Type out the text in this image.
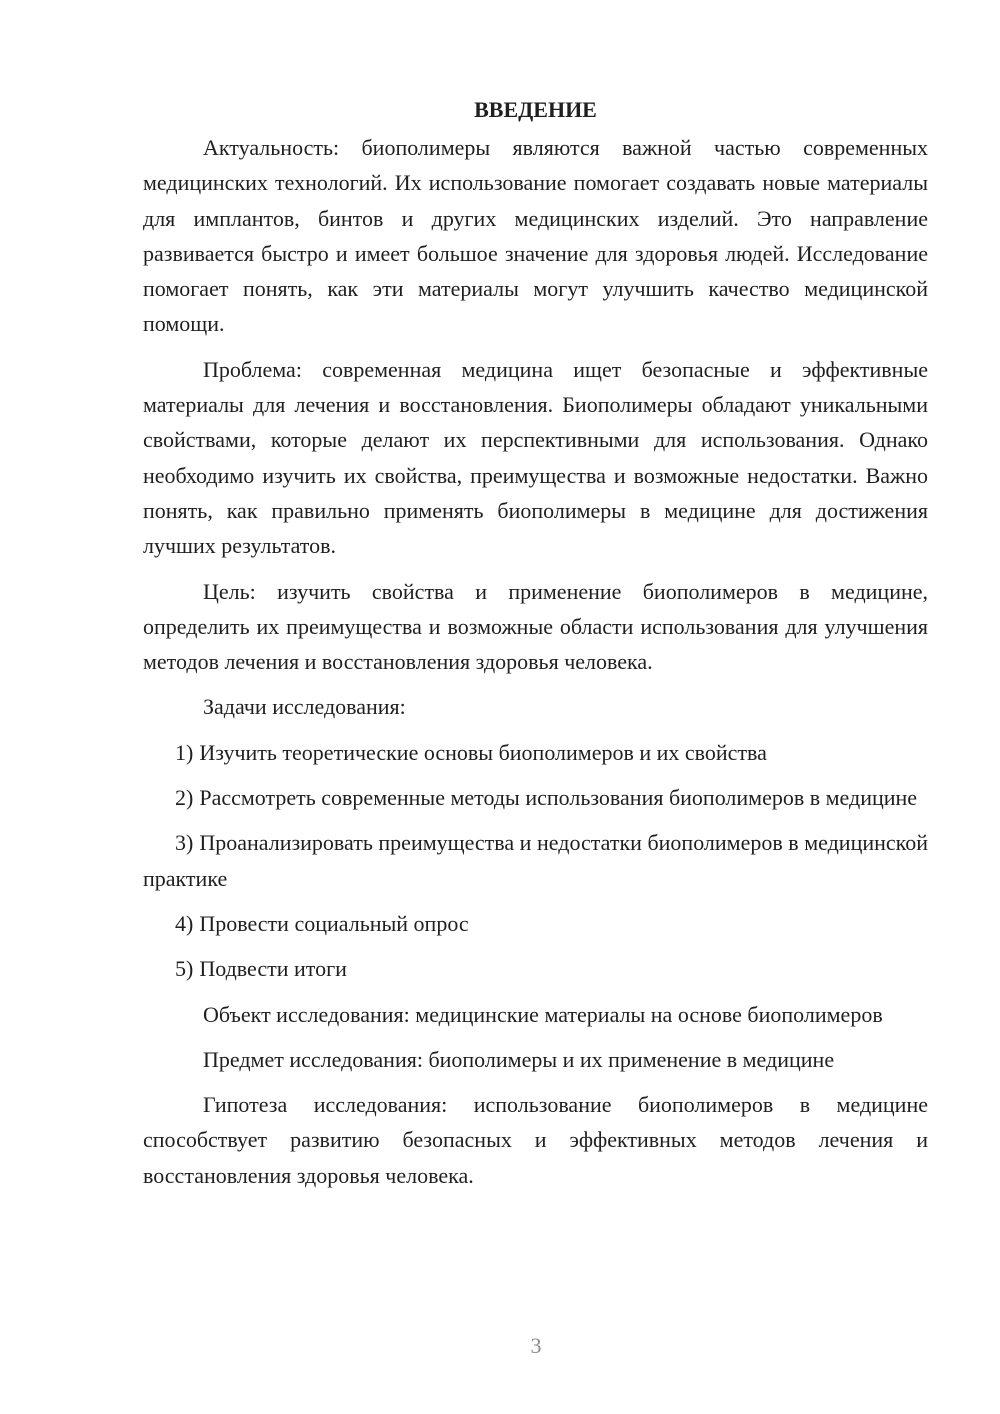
ВВЕДЕНИЕ

Актуальность: биополимеры являются важной частью современных медицинских технологий. Их использование помогает создавать новые материалы для имплантов, бинтов и других медицинских изделий. Это направление развивается быстро и имеет большое значение для здоровья людей. Исследование помогает понять, как эти материалы могут улучшить качество медицинской помощи.

Проблема: современная медицина ищет безопасные и эффективные материалы для лечения и восстановления. Биополимеры обладают уникальными свойствами, которые делают их перспективными для использования. Однако необходимо изучить их свойства, преимущества и возможные недостатки. Важно понять, как правильно применять биополимеры в медицине для достижения лучших результатов.

Цель: изучить свойства и применение биополимеров в медицине, определить их преимущества и возможные области использования для улучшения методов лечения и восстановления здоровья человека.

Задачи исследования:

1) Изучить теоретические основы биополимеров и их свойства

2) Рассмотреть современные методы использования биополимеров в медицине

3) Проанализировать преимущества и недостатки биополимеров в медицинской практике

4) Провести социальный опрос

5) Подвести итоги

Объект исследования: медицинские материалы на основе биополимеров

Предмет исследования: биополимеры и их применение в медицине

Гипотеза исследования: использование биополимеров в медицине способствует развитию безопасных и эффективных методов лечения и восстановления здоровья человека.

3
